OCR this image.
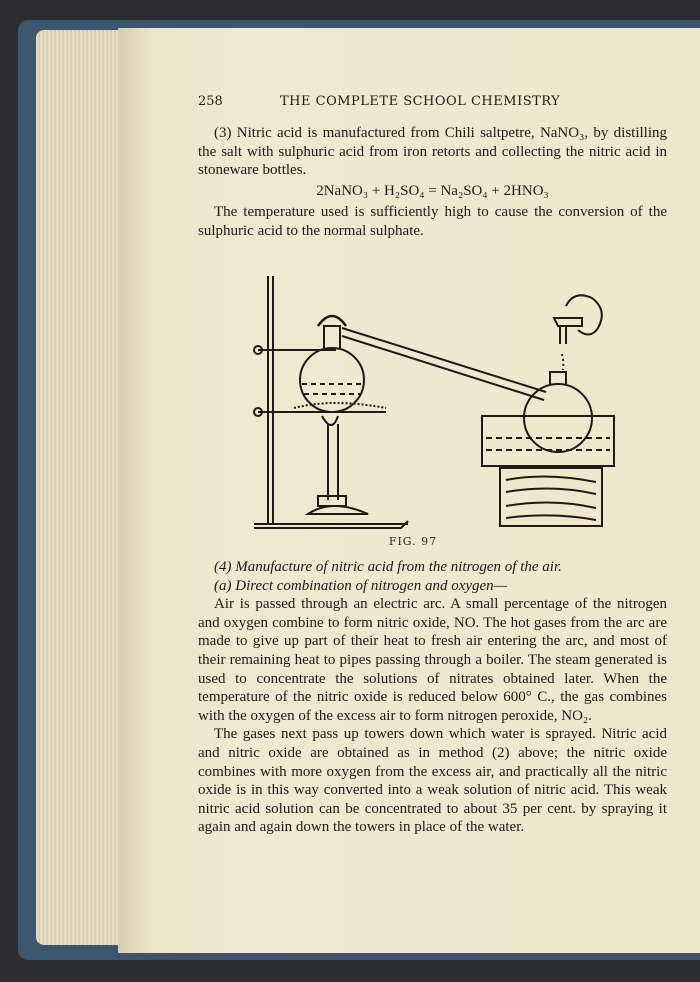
258	THE COMPLETE SCHOOL CHEMISTRY

(3) Nitric acid is manufactured from Chili saltpetre, NaNO₃, by distilling the salt with sulphuric acid from iron retorts and collecting the nitric acid in stoneware bottles.

2NaNO₃ + H₂SO₄ = Na₂SO₄ + 2HNO₃

The temperature used is sufficiently high to cause the conversion of the sulphuric acid to the normal sulphate.

FIG. 97

(4) Manufacture of nitric acid from the nitrogen of the air.

(a) Direct combination of nitrogen and oxygen—

Air is passed through an electric arc. A small percentage of the nitrogen and oxygen combine to form nitric oxide, NO. The hot gases from the arc are made to give up part of their heat to fresh air entering the arc, and most of their remaining heat to pipes passing through a boiler. The steam generated is used to concentrate the solutions of nitrates obtained later. When the temperature of the nitric oxide is reduced below 600° C., the gas combines with the oxygen of the excess air to form nitrogen peroxide, NO₂.

The gases next pass up towers down which water is sprayed. Nitric acid and nitric oxide are obtained as in method (2) above; the nitric oxide combines with more oxygen from the excess air, and practically all the nitric oxide is in this way converted into a weak solution of nitric acid. This weak nitric acid solution can be concentrated to about 35 per cent. by spraying it again and again down the towers in place of the water.
